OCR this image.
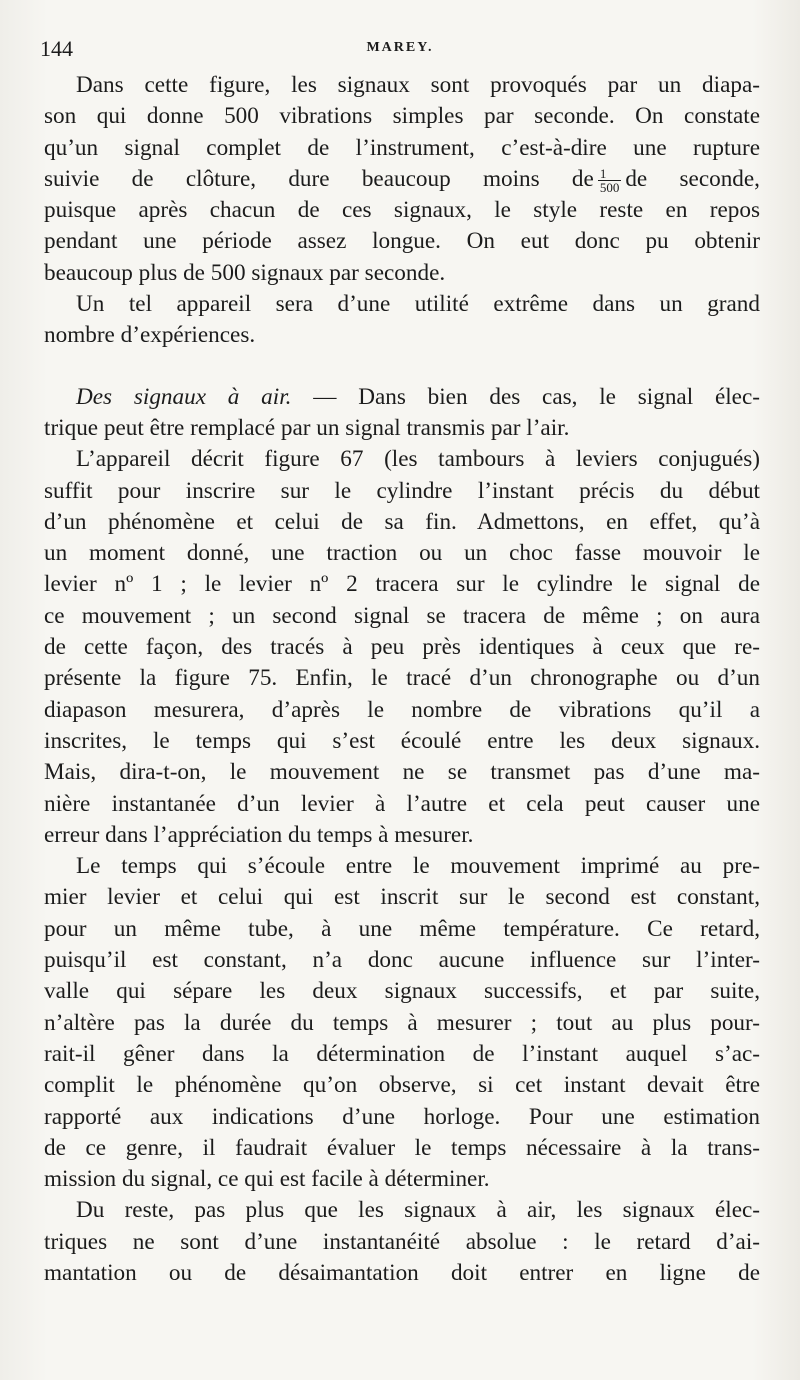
144	MAREY.
Dans cette figure, les signaux sont provoqués par un diapa-
son qui donne 500 vibrations simples par seconde. On constate
qu’un signal complet de l’instrument, c’est-à-dire une rupture
suivie de clôture, dure beaucoup moins de $\frac{1}{500}$ de seconde,
puisque après chacun de ces signaux, le style reste en repos
pendant une période assez longue. On eut donc pu obtenir
beaucoup plus de 500 signaux par seconde.
Un tel appareil sera d’une utilité extrême dans un grand
nombre d’expériences.
Des signaux à air. — Dans bien des cas, le signal élec-
trique peut être remplacé par un signal transmis par l’air.
L’appareil décrit figure 67 (les tambours à leviers conjugués)
suffit pour inscrire sur le cylindre l’instant précis du début
d’un phénomène et celui de sa fin. Admettons, en effet, qu’à
un moment donné, une traction ou un choc fasse mouvoir le
levier nº 1 ; le levier nº 2 tracera sur le cylindre le signal de
ce mouvement ; un second signal se tracera de même ; on aura
de cette façon, des tracés à peu près identiques à ceux que re-
présente la figure 75. Enfin, le tracé d’un chronographe ou d’un
diapason mesurera, d’après le nombre de vibrations qu’il a
inscrites, le temps qui s’est écoulé entre les deux signaux.
Mais, dira-t-on, le mouvement ne se transmet pas d’une ma-
nière instantanée d’un levier à l’autre et cela peut causer une
erreur dans l’appréciation du temps à mesurer.
Le temps qui s’écoule entre le mouvement imprimé au pre-
mier levier et celui qui est inscrit sur le second est constant,
pour un même tube, à une même température. Ce retard,
puisqu’il est constant, n’a donc aucune influence sur l’inter-
valle qui sépare les deux signaux successifs, et par suite,
n’altère pas la durée du temps à mesurer ; tout au plus pour-
rait-il gêner dans la détermination de l’instant auquel s’ac-
complit le phénomène qu’on observe, si cet instant devait être
rapporté aux indications d’une horloge. Pour une estimation
de ce genre, il faudrait évaluer le temps nécessaire à la trans-
mission du signal, ce qui est facile à déterminer.
Du reste, pas plus que les signaux à air, les signaux élec-
triques ne sont d’une instantanéité absolue : le retard d’ai-
mantation ou de désaimantation doit entrer en ligne de
